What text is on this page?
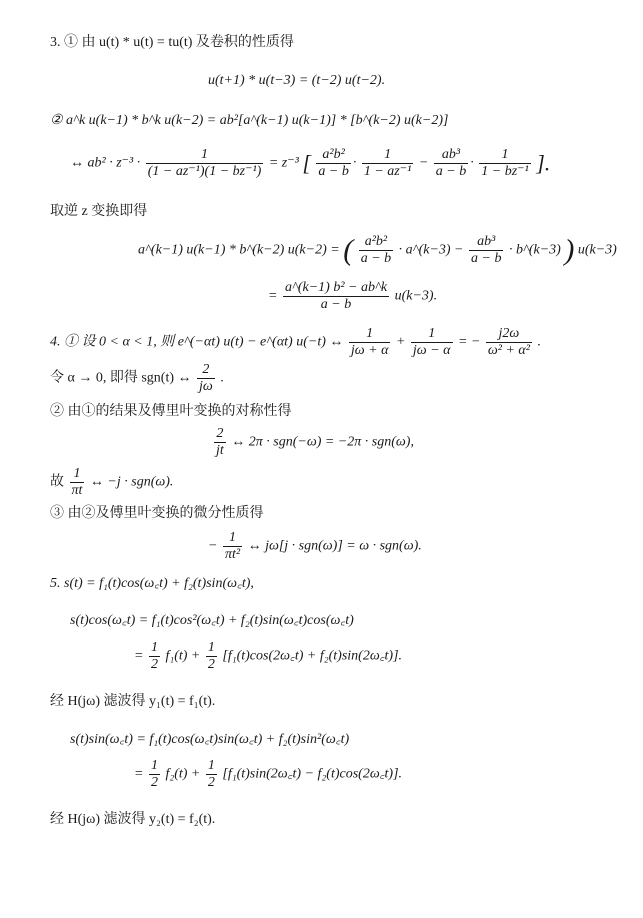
3. ① 由 u(t) * u(t) = tu(t) 及卷积的性质得
u(t+1) * u(t−3) = (t−2) u(t−2).
② a^k u(k−1) * b^k u(k−2) = ab²[a^(k−1) u(k−1)] * [b^(k−2) u(k−2)]
↔ $ab^2 \cdot z^{-3} \cdot \frac{1}{\text{(1 − az⁻¹)(1 − bz⁻¹)}} = z^{-3}$ [ $\frac{\text{a²b²}}{a - b} \cdot \frac{1}{\text{1 − az⁻¹}} - \frac{\text{ab³}}{a - b} \cdot \frac{1}{\text{1 − bz⁻¹}}$ ].
取逆 z 变换即得
a^(k−1) u(k−1) * b^(k−2) u(k−2) = ( $\frac{\text{a²b²}}{a - b}$ · a^(k−3) − $\frac{\text{ab³}}{a - b}$ · b^(k−3) ) u(k−3)
= $\frac{\text{a\textasciicircum{}(k−1) b² − ab\textasciicircum{}k}}{a - b} u(k-3)$.
4. ① 设 0 < α < 1, 则 e^(−αt) u(t) − e^(αt) u(−t) ↔ $\frac{1}{j\omega + \alpha} + \frac{1}{j\omega - \alpha}$ = − $\frac{j2\omega}{\text{ω² + α²}}$ .
令 α → 0, 即得 sgn(t) ↔ $\frac{2}{j\omega}$ .
② 由①的结果及傅里叶变换的对称性得
$\frac{2}{jt}$ ↔ 2π · sgn(−ω) = −2π · sgn(ω),
故 $\frac{1}{\pi t}$ ↔ −j · sgn(ω).
③ 由②及傅里叶变换的微分性质得
− $\frac{1}{\text{πt²}}$ ↔ jω[j · sgn(ω)] = ω · sgn(ω).
5. s(t) = f₁(t)cos(ω꜀t) + f₂(t)sin(ω꜀t),
s(t)cos(ω꜀t) = f₁(t)cos²(ω꜀t) + f₂(t)sin(ω꜀t)cos(ω꜀t)
= $\frac{1}{2} f_1(t) + \frac{1}{2}$ [f₁(t)cos(2ω꜀t) + f₂(t)sin(2ω꜀t)].
经 H(jω) 滤波得 y₁(t) = f₁(t).
s(t)sin(ω꜀t) = f₁(t)cos(ω꜀t)sin(ω꜀t) + f₂(t)sin²(ω꜀t)
= $\frac{1}{2} f_2(t) + \frac{1}{2}$ [f₁(t)sin(2ω꜀t) − f₂(t)cos(2ω꜀t)].
经 H(jω) 滤波得 y₂(t) = f₂(t).
